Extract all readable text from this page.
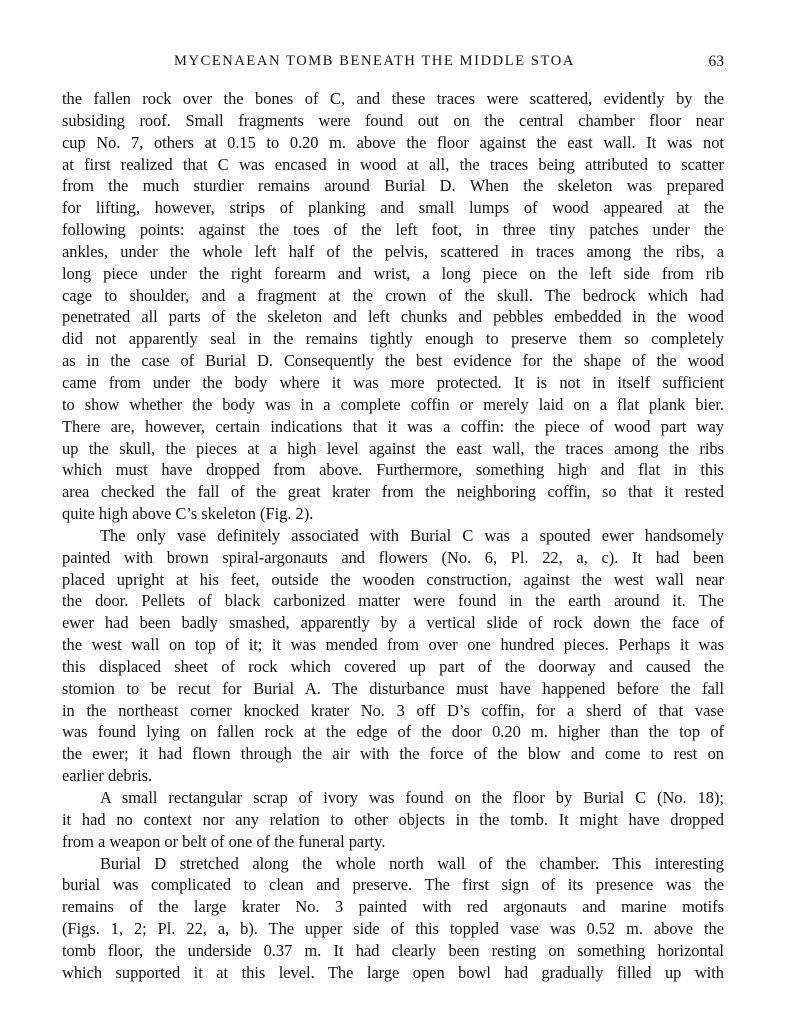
MYCENAEAN TOMB BENEATH THE MIDDLE STOA	63
the fallen rock over the bones of C, and these traces were scattered, evidently by the
subsiding roof. Small fragments were found out on the central chamber floor near
cup No. 7, others at 0.15 to 0.20 m. above the floor against the east wall. It was not
at first realized that C was encased in wood at all, the traces being attributed to scatter
from the much sturdier remains around Burial D. When the skeleton was prepared
for lifting, however, strips of planking and small lumps of wood appeared at the
following points: against the toes of the left foot, in three tiny patches under the
ankles, under the whole left half of the pelvis, scattered in traces among the ribs, a
long piece under the right forearm and wrist, a long piece on the left side from rib
cage to shoulder, and a fragment at the crown of the skull. The bedrock which had
penetrated all parts of the skeleton and left chunks and pebbles embedded in the wood
did not apparently seal in the remains tightly enough to preserve them so completely
as in the case of Burial D. Consequently the best evidence for the shape of the wood
came from under the body where it was more protected. It is not in itself sufficient
to show whether the body was in a complete coffin or merely laid on a flat plank bier.
There are, however, certain indications that it was a coffin: the piece of wood part way
up the skull, the pieces at a high level against the east wall, the traces among the ribs
which must have dropped from above. Furthermore, something high and flat in this
area checked the fall of the great krater from the neighboring coffin, so that it rested
quite high above C’s skeleton (Fig. 2).
The only vase definitely associated with Burial C was a spouted ewer handsomely
painted with brown spiral-argonauts and flowers (No. 6, Pl. 22, a, c). It had been
placed upright at his feet, outside the wooden construction, against the west wall near
the door. Pellets of black carbonized matter were found in the earth around it. The
ewer had been badly smashed, apparently by a vertical slide of rock down the face of
the west wall on top of it; it was mended from over one hundred pieces. Perhaps it was
this displaced sheet of rock which covered up part of the doorway and caused the
stomion to be recut for Burial A. The disturbance must have happened before the fall
in the northeast corner knocked krater No. 3 off D’s coffin, for a sherd of that vase
was found lying on fallen rock at the edge of the door 0.20 m. higher than the top of
the ewer; it had flown through the air with the force of the blow and come to rest on
earlier debris.
A small rectangular scrap of ivory was found on the floor by Burial C (No. 18);
it had no context nor any relation to other objects in the tomb. It might have dropped
from a weapon or belt of one of the funeral party.
Burial D stretched along the whole north wall of the chamber. This interesting
burial was complicated to clean and preserve. The first sign of its presence was the
remains of the large krater No. 3 painted with red argonauts and marine motifs
(Figs. 1, 2; Pl. 22, a, b). The upper side of this toppled vase was 0.52 m. above the
tomb floor, the underside 0.37 m. It had clearly been resting on something horizontal
which supported it at this level. The large open bowl had gradually filled up with
